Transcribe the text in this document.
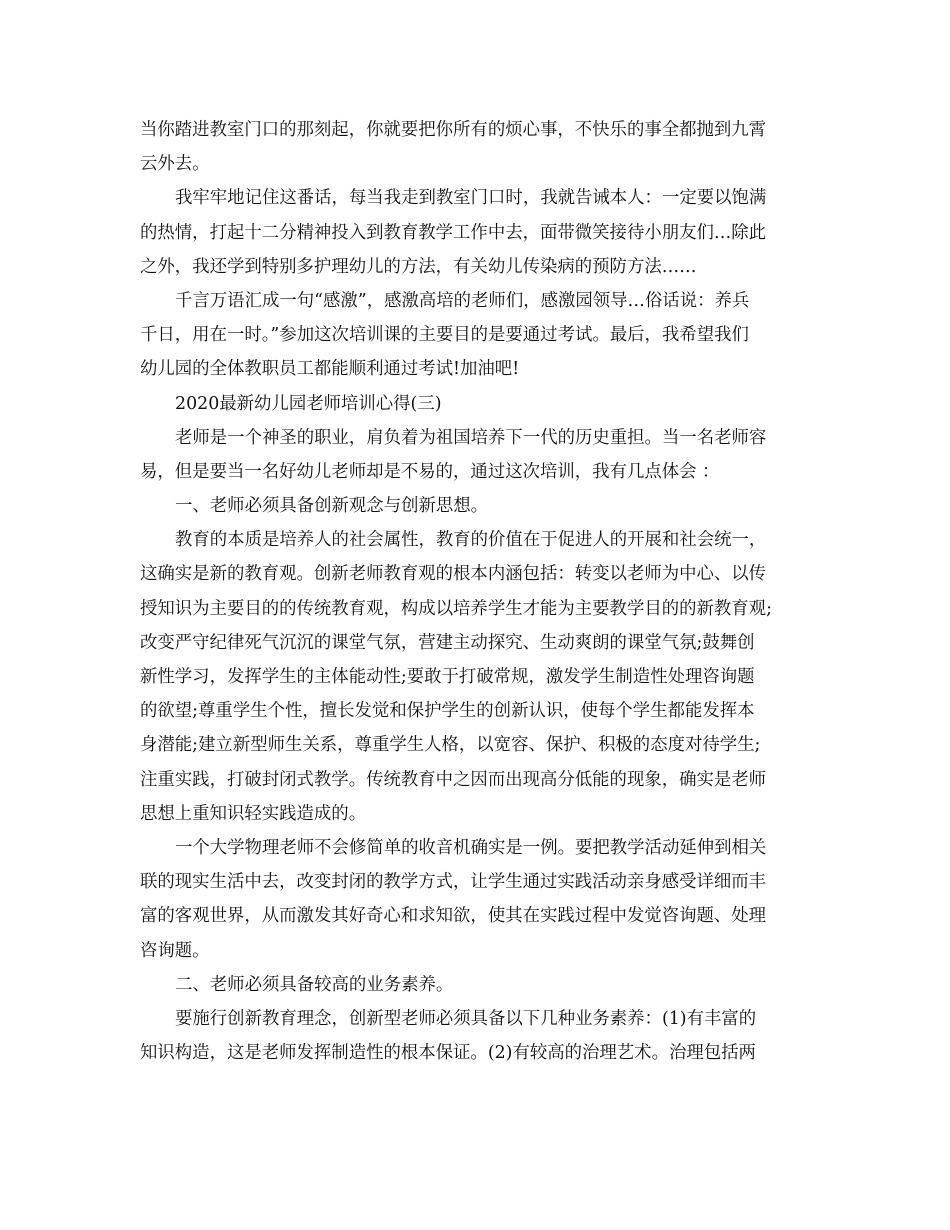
当你踏进教室门口的那刻起，你就要把你所有的烦心事，不快乐的事全都抛到九霄
云外去。
我牢牢地记住这番话，每当我走到教室门口时，我就告诫本人：一定要以饱满
的热情，打起十二分精神投入到教育教学工作中去，面带微笑接待小朋友们…除此
之外，我还学到特别多护理幼儿的方法，有关幼儿传染病的预防方法……
千言万语汇成一句“感激”，感激高培的老师们，感激园领导…俗话说：养兵
千日，用在一时。”参加这次培训课的主要目的是要通过考试。最后，我希望我们
幼儿园的全体教职员工都能顺利通过考试!加油吧!
2020最新幼儿园老师培训心得(三)
老师是一个神圣的职业，肩负着为祖国培养下一代的历史重担。当一名老师容
易，但是要当一名好幼儿老师却是不易的，通过这次培训，我有几点体会 ：
一、老师必须具备创新观念与创新思想。
教育的本质是培养人的社会属性，教育的价值在于促进人的开展和社会统一，
这确实是新的教育观。创新老师教育观的根本内涵包括：转变以老师为中心、以传
授知识为主要目的的传统教育观，构成以培养学生才能为主要教学目的的新教育观;
改变严守纪律死气沉沉的课堂气氛，营建主动探究、生动爽朗的课堂气氛;鼓舞创
新性学习，发挥学生的主体能动性;要敢于打破常规，激发学生制造性处理咨询题
的欲望;尊重学生个性，擅长发觉和保护学生的创新认识，使每个学生都能发挥本
身潜能;建立新型师生关系，尊重学生人格，以宽容、保护、积极的态度对待学生;
注重实践，打破封闭式教学。传统教育中之因而出现高分低能的现象，确实是老师
思想上重知识轻实践造成的。
一个大学物理老师不会修简单的收音机确实是一例。要把教学活动延伸到相关
联的现实生活中去，改变封闭的教学方式，让学生通过实践活动亲身感受详细而丰
富的客观世界，从而激发其好奇心和求知欲，使其在实践过程中发觉咨询题、处理
咨询题。
二、老师必须具备较高的业务素养。
要施行创新教育理念，创新型老师必须具备以下几种业务素养：(1)有丰富的
知识构造，这是老师发挥制造性的根本保证。(2)有较高的治理艺术。治理包括两
